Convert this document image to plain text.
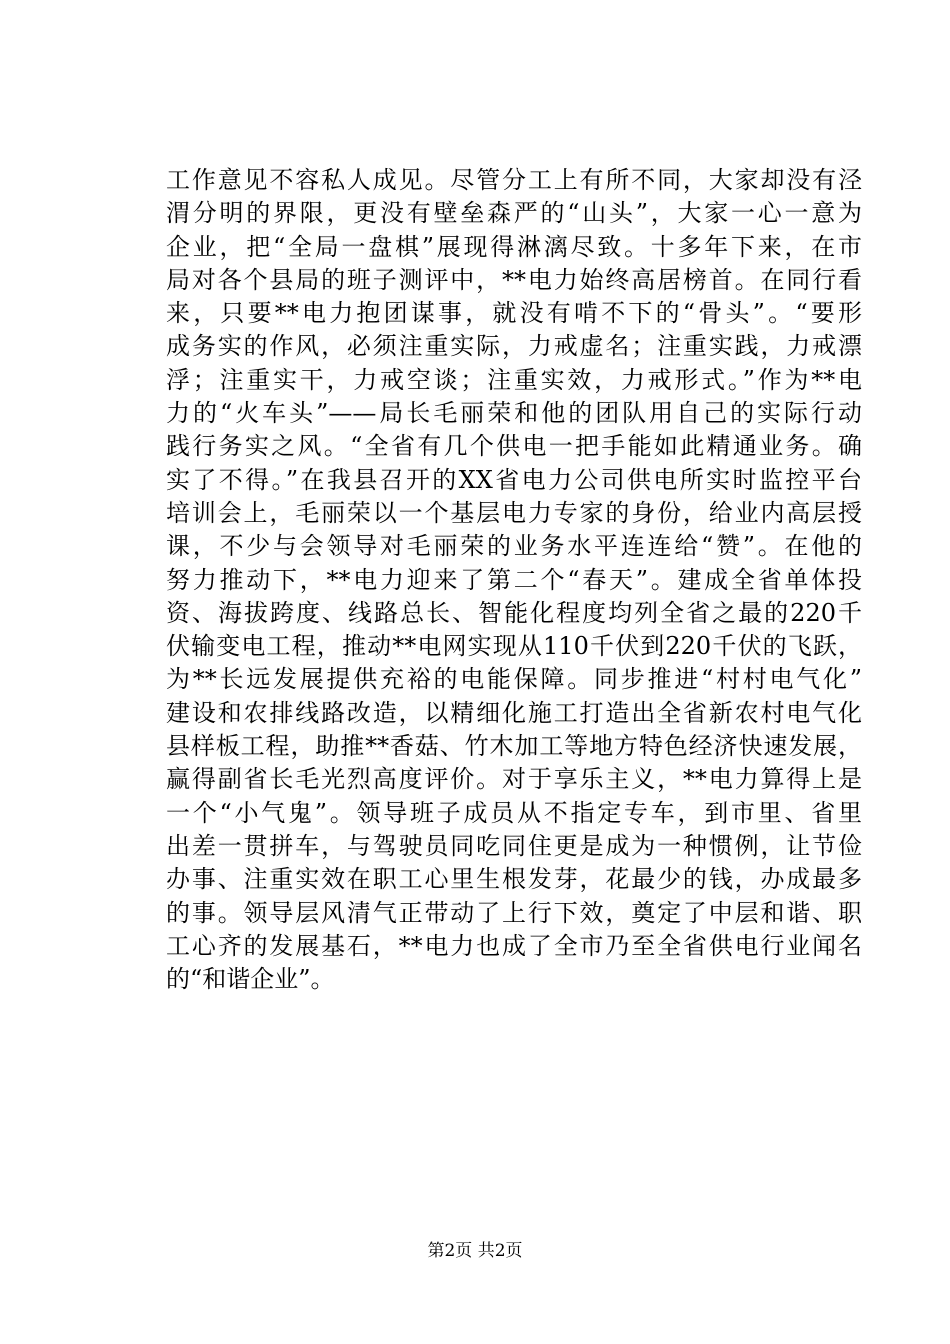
工作意见不容私人成见。尽管分工上有所不同，大家却没有泾
渭分明的界限，更没有壁垒森严的“山头”，大家一心一意为
企业，把“全局一盘棋”展现得淋漓尽致。十多年下来，在市
局对各个县局的班子测评中，**电力始终高居榜首。在同行看
来，只要**电力抱团谋事，就没有啃不下的“骨头”。“要形
成务实的作风，必须注重实际，力戒虚名；注重实践，力戒漂
浮；注重实干，力戒空谈；注重实效，力戒形式。”作为**电
力的“火车头”——局长毛丽荣和他的团队用自己的实际行动
践行务实之风。“全省有几个供电一把手能如此精通业务。确
实了不得。”在我县召开的XX省电力公司供电所实时监控平台
培训会上，毛丽荣以一个基层电力专家的身份，给业内高层授
课，不少与会领导对毛丽荣的业务水平连连给“赞”。在他的
努力推动下，**电力迎来了第二个“春天”。建成全省单体投
资、海拔跨度、线路总长、智能化程度均列全省之最的220千
伏输变电工程，推动**电网实现从110千伏到220千伏的飞跃，
为**长远发展提供充裕的电能保障。同步推进“村村电气化”
建设和农排线路改造，以精细化施工打造出全省新农村电气化
县样板工程，助推**香菇、竹木加工等地方特色经济快速发展，
赢得副省长毛光烈高度评价。对于享乐主义，**电力算得上是
一个“小气鬼”。领导班子成员从不指定专车，到市里、省里
出差一贯拼车，与驾驶员同吃同住更是成为一种惯例，让节俭
办事、注重实效在职工心里生根发芽，花最少的钱，办成最多
的事。领导层风清气正带动了上行下效，奠定了中层和谐、职
工心齐的发展基石，**电力也成了全市乃至全省供电行业闻名
的“和谐企业”。
第2页 共2页
